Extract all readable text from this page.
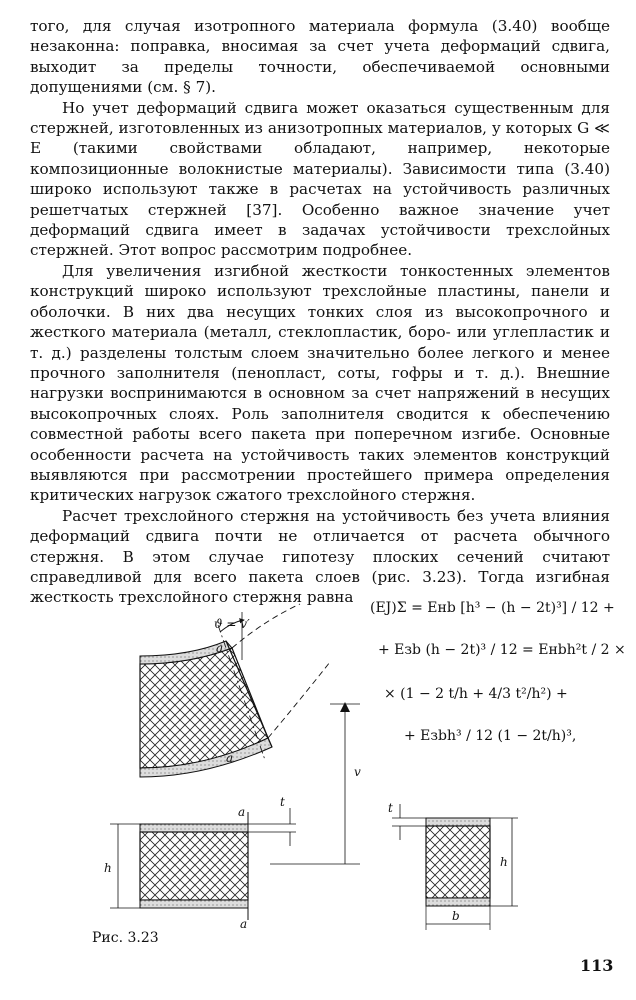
того, для случая изотропного материала формула (3.40) вообще незаконна: поправка, вносимая за счет учета деформаций сдвига, выходит за пределы точности, обеспечиваемой основными допущениями (см. § 7).

Но учет деформаций сдвига может оказаться существенным для стержней, изготовленных из анизотропных материалов, у которых G ≪ E (такими свойствами обладают, например, некоторые композиционные волокнистые материалы). Зависимости типа (3.40) широко используют также в расчетах на устойчивость различных решетчатых стержней [37]. Особенно важное значение учет деформаций сдвига имеет в задачах устойчивости трехслойных стержней. Этот вопрос рассмотрим подробнее.

Для увеличения изгибной жесткости тонкостенных элементов конструкций широко используют трехслойные пластины, панели и оболочки. В них два несущих тонких слоя из высокопрочного и жесткого материала (металл, стеклопластик, боро- или углепластик и т. д.) разделены толстым слоем значительно более легкого и менее прочного заполнителя (пенопласт, соты, гофры и т. д.). Внешние нагрузки воспринимаются в основном за счет напряжений в несущих высокопрочных слоях. Роль заполнителя сводится к обеспечению совместной работы всего пакета при поперечном изгибе. Основные особенности расчета на устойчивость таких элементов конструкций выявляются при рассмотрении простейшего примера определения критических нагрузок сжатого трехслойного стержня.

Расчет трехслойного стержня на устойчивость без учета влияния деформаций сдвига почти не отличается от расчета обычного стержня. В этом случае гипотезу плоских сечений считают справедливой для всего пакета слоев (рис. 3.23). Тогда изгибная жесткость трехслойного стержня равна

(EJ)Σ = Eнb [h³ − (h − 2t)³] / 12 +
+ Eзb (h − 2t)³ / 12 = Eнbh²t / 2 ×
× (1 − 2 t/h + 4/3 t²/h²) +
+ Eзbh³ / 12 (1 − 2t/h)³,
ϑ = v′
a
a
v
a
a
h
t	t
h
b
Рис. 3.23
113
